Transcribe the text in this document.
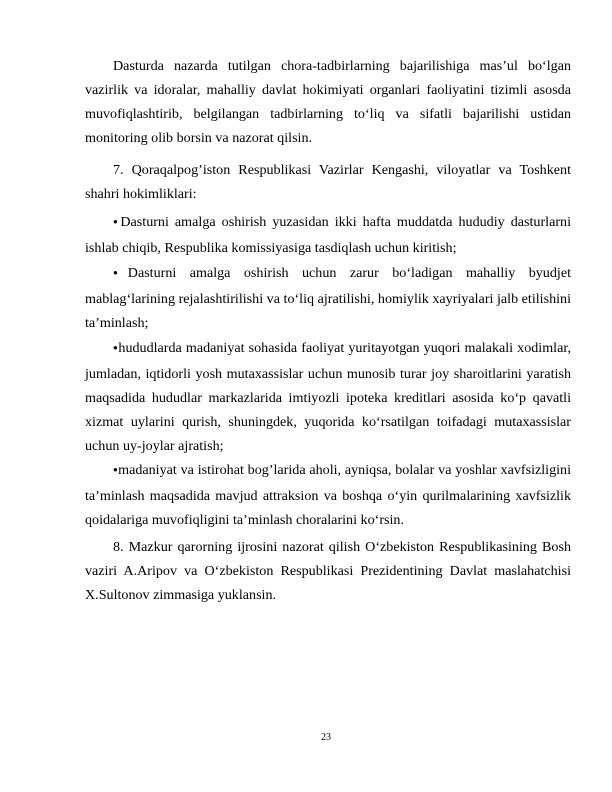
Dasturda nazarda tutilgan chora-tadbirlarning bajarilishiga mas’ul bo‘lgan vazirlik va idoralar, mahalliy davlat hokimiyati organlari faoliyatini tizimli asosda muvofiqlashtirib, belgilangan tadbirlarning to‘liq va sifatli bajarilishi ustidan monitoring olib borsin va nazorat qilsin.

7. Qoraqalpog’iston Respublikasi Vazirlar Kengashi, viloyatlar va Toshkent shahri hokimliklari:

● Dasturni amalga oshirish yuzasidan ikki hafta muddatda hududiy dasturlarni ishlab chiqib, Respublika komissiyasiga tasdiqlash uchun kiritish;

● Dasturni amalga oshirish uchun zarur bo‘ladigan mahalliy byudjet mablag‘larining rejalashtirilishi va to‘liq ajratilishi, homiylik xayriyalari jalb etilishini ta’minlash;

● hududlarda madaniyat sohasida faoliyat yuritayotgan yuqori malakali xodimlar, jumladan, iqtidorli yosh mutaxassislar uchun munosib turar joy sharoitlarini yaratish maqsadida hududlar markazlarida imtiyozli ipoteka kreditlari asosida ko‘p qavatli xizmat uylarini qurish, shuningdek, yuqorida ko‘rsatilgan toifadagi mutaxassislar uchun uy-joylar ajratish;

● madaniyat va istirohat bog’larida aholi, ayniqsa, bolalar va yoshlar xavfsizligini ta’minlash maqsadida mavjud attraksion va boshqa o‘yin qurilmalarining xavfsizlik qoidalariga muvofiqligini ta’minlash choralarini ko‘rsin.

8. Mazkur qarorning ijrosini nazorat qilish O‘zbekiston Respublikasining Bosh vaziri A.Aripov va O‘zbekiston Respublikasi Prezidentining Davlat maslahatchisi X.Sultonov zimmasiga yuklansin.

23
